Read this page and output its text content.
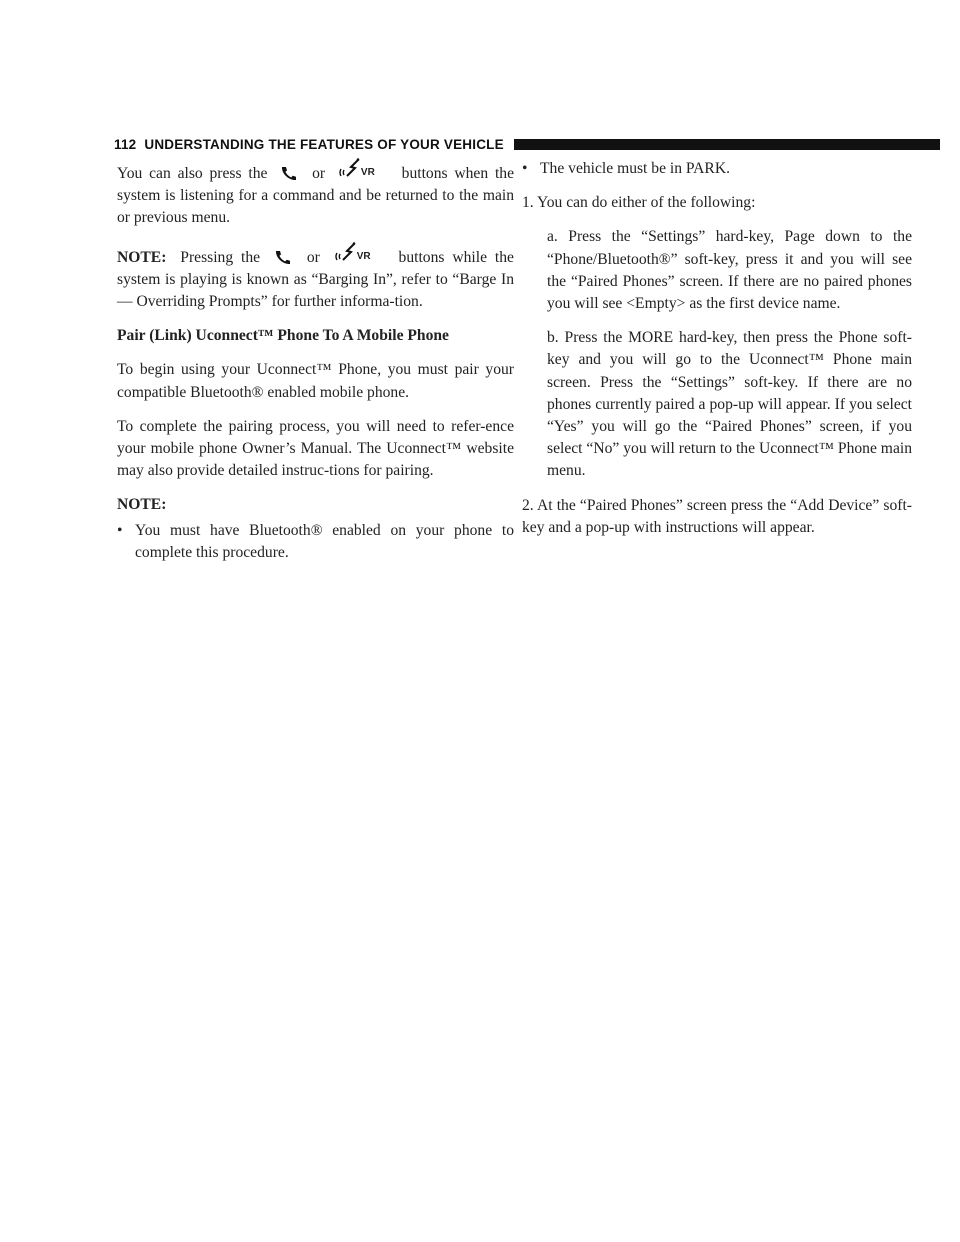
112 UNDERSTANDING THE FEATURES OF YOUR VEHICLE

You can also press the	or	VR buttons when the system is listening for a command and be returned to the main or previous menu.

NOTE: Pressing the	or	VR buttons while the system is playing is known as “Barging In”, refer to “Barge In — Overriding Prompts” for further informa-tion.

Pair (Link) Uconnect™ Phone To A Mobile Phone

To begin using your Uconnect™ Phone, you must pair your compatible Bluetooth® enabled mobile phone.

To complete the pairing process, you will need to refer-ence your mobile phone Owner’s Manual. The Uconnect™ website may also provide detailed instruc-tions for pairing.

NOTE:

• You must have Bluetooth® enabled on your phone to complete this procedure.
• The vehicle must be in PARK.

1. You can do either of the following:

a. Press the “Settings” hard-key, Page down to the “Phone/Bluetooth®” soft-key, press it and you will see the “Paired Phones” screen. If there are no paired phones you will see <Empty> as the first device name.

b. Press the MORE hard-key, then press the Phone soft-key and you will go to the Uconnect™ Phone main screen. Press the “Settings” soft-key. If there are no phones currently paired a pop-up will appear. If you select “Yes” you will go the “Paired Phones” screen, if you select “No” you will return to the Uconnect™ Phone main menu.

2. At the “Paired Phones” screen press the “Add Device” soft-key and a pop-up with instructions will appear.
